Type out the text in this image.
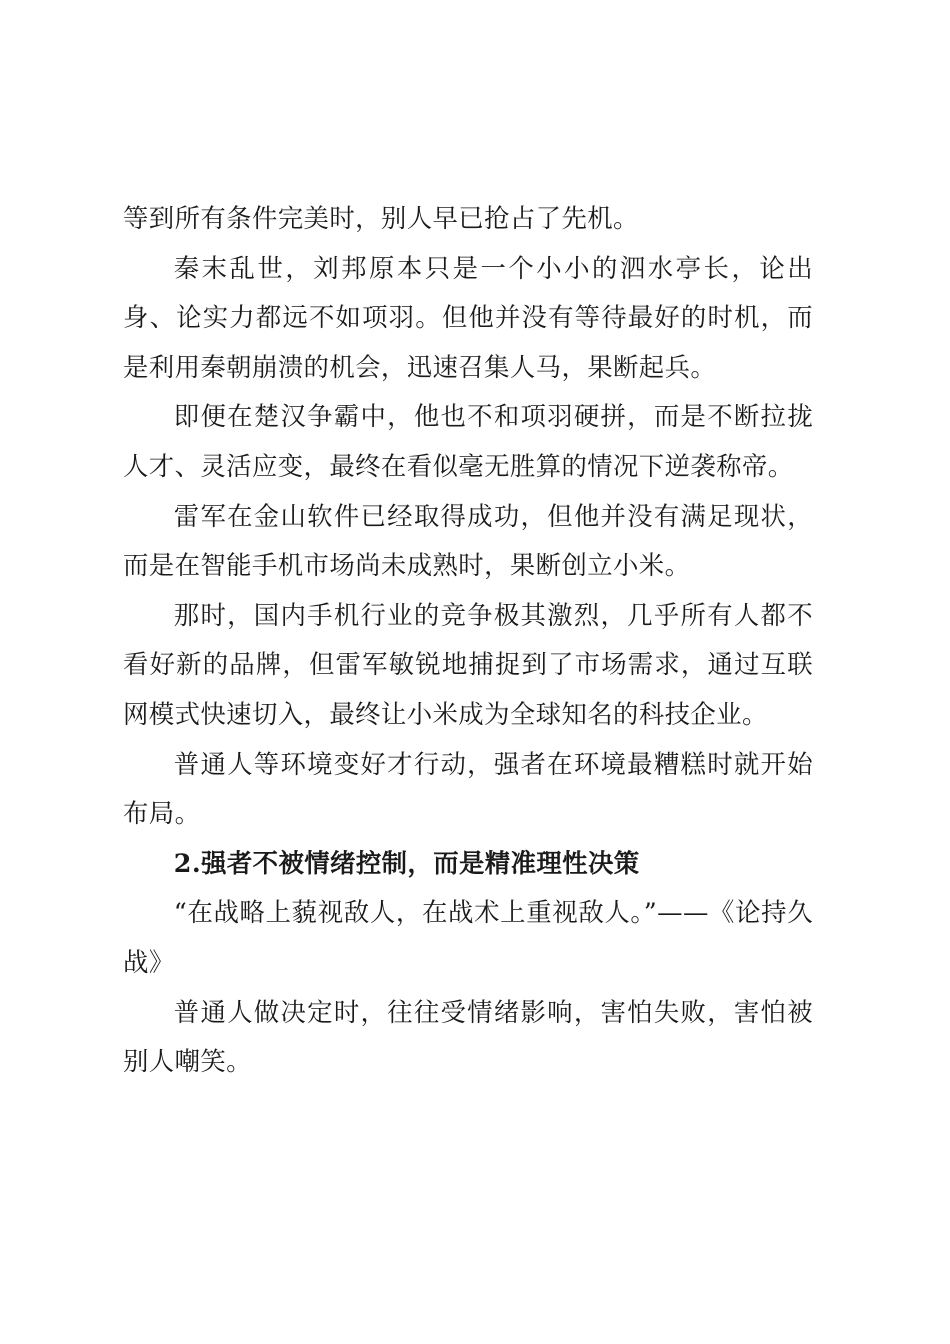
等到所有条件完美时，别人早已抢占了先机。

秦末乱世，刘邦原本只是一个小小的泗水亭长，论出身、论实力都远不如项羽。但他并没有等待最好的时机，而是利用秦朝崩溃的机会，迅速召集人马，果断起兵。

即便在楚汉争霸中，他也不和项羽硬拼，而是不断拉拢人才、灵活应变，最终在看似毫无胜算的情况下逆袭称帝。

雷军在金山软件已经取得成功，但他并没有满足现状，而是在智能手机市场尚未成熟时，果断创立小米。

那时，国内手机行业的竞争极其激烈，几乎所有人都不看好新的品牌，但雷军敏锐地捕捉到了市场需求，通过互联网模式快速切入，最终让小米成为全球知名的科技企业。

普通人等环境变好才行动，强者在环境最糟糕时就开始布局。

2.强者不被情绪控制，而是精准理性决策

“在战略上藐视敌人，在战术上重视敌人。”——《论持久战》

普通人做决定时，往往受情绪影响，害怕失败，害怕被别人嘲笑。
